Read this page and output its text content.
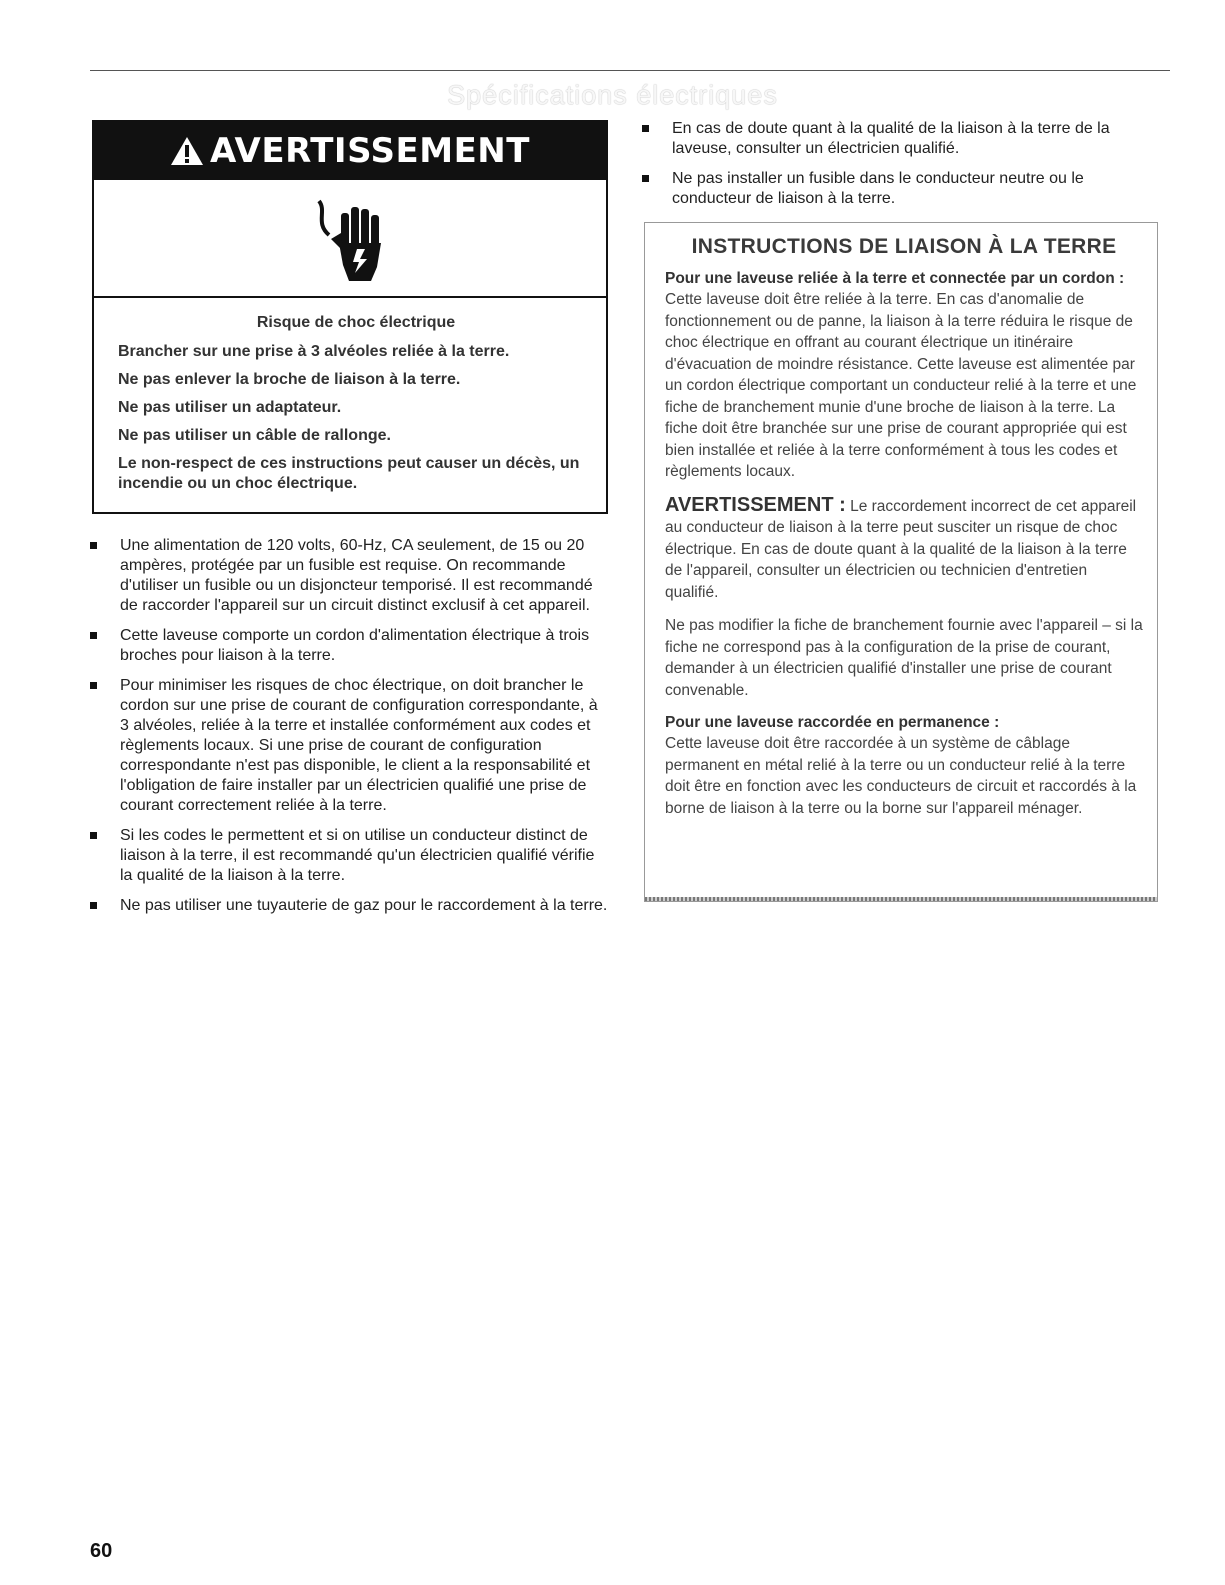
Spécifications électriques
AVERTISSEMENT
Risque de choc électrique

Brancher sur une prise à 3 alvéoles reliée à la terre.

Ne pas enlever la broche de liaison à la terre.

Ne pas utiliser un adaptateur.

Ne pas utiliser un câble de rallonge.

Le non-respect de ces instructions peut causer un décès, un incendie ou un choc électrique.

Une alimentation de 120 volts, 60-Hz, CA seulement, de 15 ou 20 ampères, protégée par un fusible est requise. On recommande d'utiliser un fusible ou un disjoncteur temporisé. Il est recommandé de raccorder l'appareil sur un circuit distinct exclusif à cet appareil.
Cette laveuse comporte un cordon d'alimentation électrique à trois broches pour liaison à la terre.
Pour minimiser les risques de choc électrique, on doit brancher le cordon sur une prise de courant de configuration correspondante, à 3 alvéoles, reliée à la terre et installée conformément aux codes et règlements locaux. Si une prise de courant de configuration correspondante n'est pas disponible, le client a la responsabilité et l'obligation de faire installer par un électricien qualifié une prise de courant correctement reliée à la terre.
Si les codes le permettent et si on utilise un conducteur distinct de liaison à la terre, il est recommandé qu'un électricien qualifié vérifie la qualité de la liaison à la terre.
Ne pas utiliser une tuyauterie de gaz pour le raccordement à la terre.
En cas de doute quant à la qualité de la liaison à la terre de la laveuse, consulter un électricien qualifié.
Ne pas installer un fusible dans le conducteur neutre ou le conducteur de liaison à la terre.
INSTRUCTIONS DE LIAISON À LA TERRE

Pour une laveuse reliée à la terre et connectée par un cordon :

Cette laveuse doit être reliée à la terre. En cas d'anomalie de fonctionnement ou de panne, la liaison à la terre réduira le risque de choc électrique en offrant au courant électrique un itinéraire d'évacuation de moindre résistance. Cette laveuse est alimentée par un cordon électrique comportant un conducteur relié à la terre et une fiche de branchement munie d'une broche de liaison à la terre. La fiche doit être branchée sur une prise de courant appropriée qui est bien installée et reliée à la terre conformément à tous les codes et règlements locaux.

AVERTISSEMENT : Le raccordement incorrect de cet appareil au conducteur de liaison à la terre peut susciter un risque de choc électrique. En cas de doute quant à la qualité de la liaison à la terre de l'appareil, consulter un électricien ou technicien d'entretien qualifié.

Ne pas modifier la fiche de branchement fournie avec l'appareil – si la fiche ne correspond pas à la configuration de la prise de courant, demander à un électricien qualifié d'installer une prise de courant convenable.

Pour une laveuse raccordée en permanence :

Cette laveuse doit être raccordée à un système de câblage permanent en métal relié à la terre ou un conducteur relié à la terre doit être en fonction avec les conducteurs de circuit et raccordés à la borne de liaison à la terre ou la borne sur l'appareil ménager.

60
